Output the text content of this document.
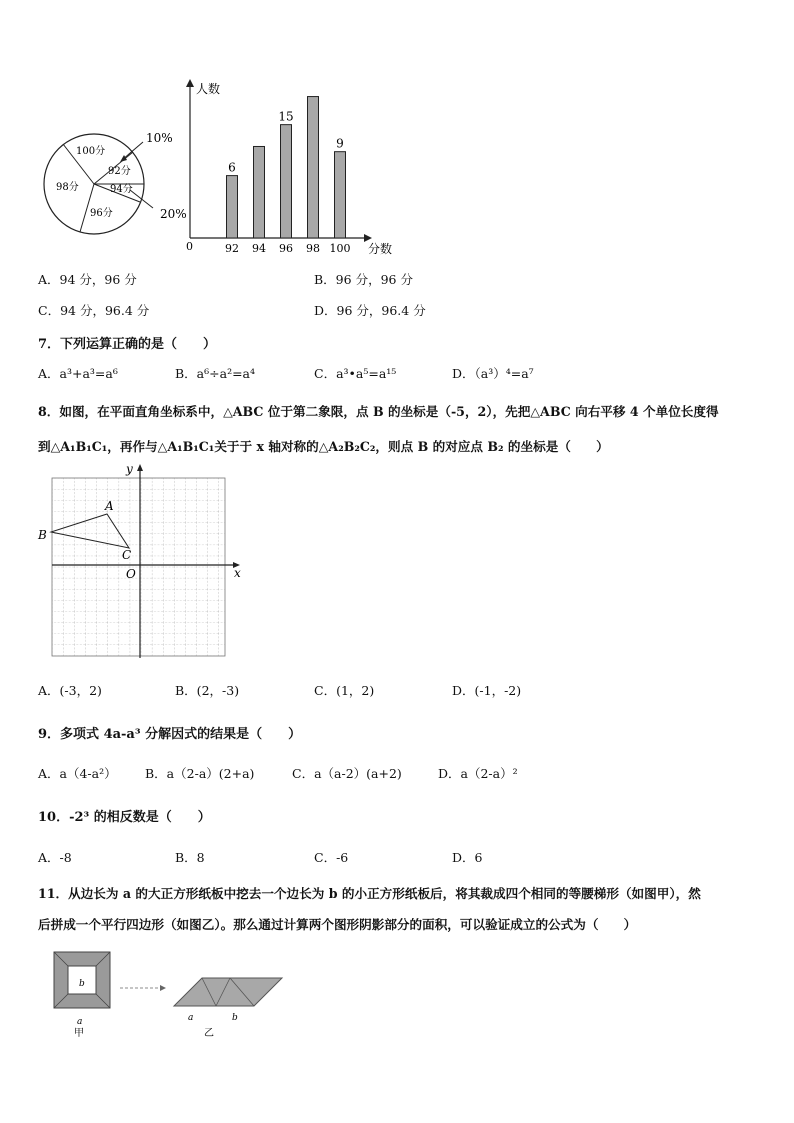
100分
98分
96分
92分
94分
10%
20%
人数
分数
0	92
6
94 96
15
98 100
9
A．94 分，96 分	B．96 分，96 分
C．94 分，96.4 分	D．96 分，96.4 分
7．下列运算正确的是（　　）
A．a³+a³=a⁶	B．a⁶÷a²=a⁴	C．a³•a⁵=a¹⁵	D．（a³）⁴=a⁷
8．如图，在平面直角坐标系中，△ABC 位于第二象限，点 B 的坐标是（-5，2），先把△ABC 向右平移 4 个单位长度得
到△A₁B₁C₁，再作与△A₁B₁C₁关于于 x 轴对称的△A₂B₂C₂，则点 B 的对应点 B₂ 的坐标是（　　）
y
x
O
A
B
C
A．(-3，2)	B．(2，-3)	C．(1，2)	D．(-1，-2)
9．多项式 4a-a³ 分解因式的结果是（　　）
A．a（4-a²） B．a（2-a）(2+a)	C．a（a-2）(a+2)	D．a（2-a）²
10．-2³ 的相反数是（　　）
A．-8	B．8	C．-6	D．6
11．从边长为 a 的大正方形纸板中挖去一个边长为 b 的小正方形纸板后，将其裁成四个相同的等腰梯形（如图甲），然
后拼成一个平行四边形（如图乙）。那么通过计算两个图形阴影部分的面积，可以验证成立的公式为（　　）
b
a
甲
a	b
乙
